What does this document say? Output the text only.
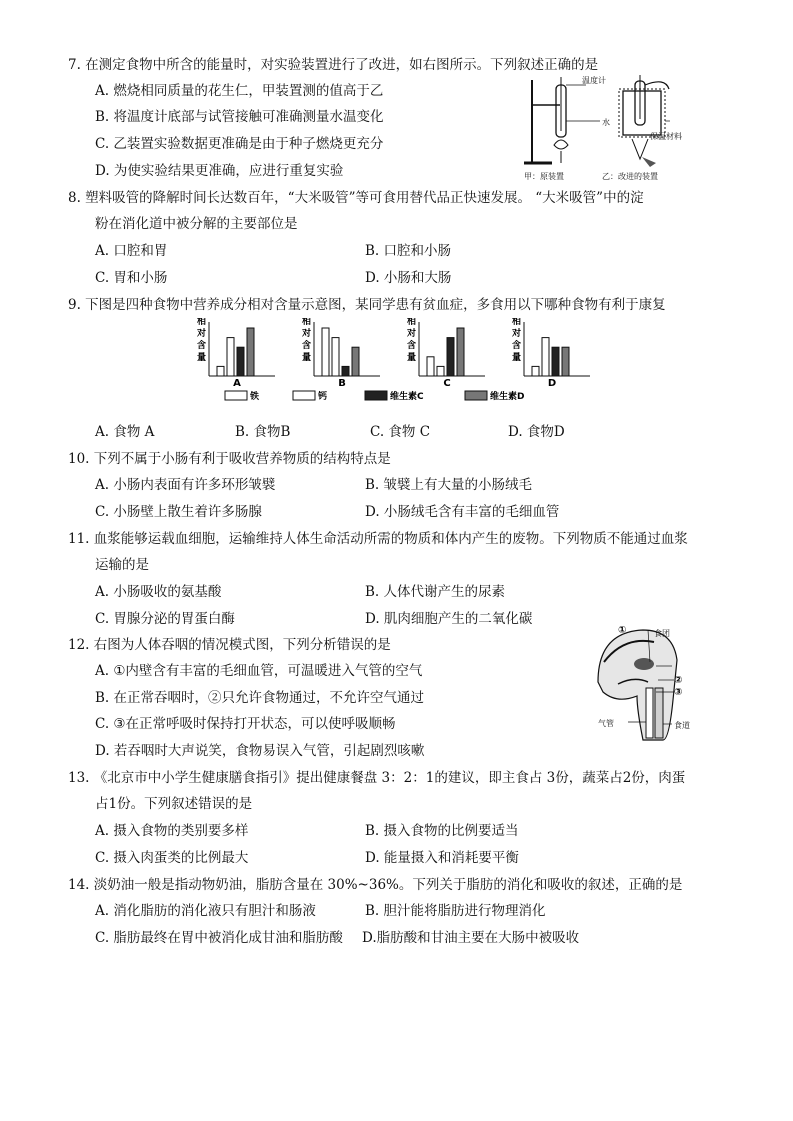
7. 在测定食物中所含的能量时，对实验装置进行了改进，如右图所示。下列叙述正确的是
A. 燃烧相同质量的花生仁，甲装置测的值高于乙
B. 将温度计底部与试管接触可准确测量水温变化
C. 乙装置实验数据更准确是由于种子燃烧更充分
D. 为使实验结果更准确，应进行重复实验
温度计
水
保温材料
甲：原装置	乙：改进的装置
8. 塑料吸管的降解时间长达数百年，“大米吸管”等可食用替代品正快速发展。 “大米吸管”中的淀
粉在消化道中被分解的主要部位是
A. 口腔和胃	B. 口腔和小肠
C. 胃和小肠	D. 小肠和大肠
9. 下图是四种食物中营养成分相对含量示意图，某同学患有贫血症，多食用以下哪种食物有利于康复
相
对
含
量
A
相
对
含
量
B
相
对
含
量
C
相
对
含
量
D
铁	钙	维生素C	维生素D
A. 食物 A	B. 食物B	C. 食物 C	D. 食物D
10. 下列不属于小肠有利于吸收营养物质的结构特点是
A. 小肠内表面有许多环形皱襞	B. 皱襞上有大量的小肠绒毛
C. 小肠壁上散生着许多肠腺	D. 小肠绒毛含有丰富的毛细血管
11. 血浆能够运载血细胞，运输维持人体生命活动所需的物质和体内产生的废物。下列物质不能通过血浆
运输的是
A. 小肠吸收的氨基酸	B. 人体代谢产生的尿素
C. 胃腺分泌的胃蛋白酶	D. 肌肉细胞产生的二氧化碳
12. 右图为人体吞咽的情况模式图，下列分析错误的是
A. ①内壁含有丰富的毛细血管，可温暖进入气管的空气
B. 在正常吞咽时，②只允许食物通过，不允许空气通过
C. ③在正常呼吸时保持打开状态，可以使呼吸顺畅
D. 若吞咽时大声说笑，食物易误入气管，引起剧烈咳嗽
①	食团
②
③
气管	食道
13. 《北京市中小学生健康膳食指引》提出健康餐盘 3：2：1的建议，即主食占 3份，蔬菜占2份，肉蛋
占1份。下列叙述错误的是
A. 摄入食物的类别要多样	B. 摄入食物的比例要适当
C. 摄入肉蛋类的比例最大	D. 能量摄入和消耗要平衡
14. 淡奶油一般是指动物奶油，脂肪含量在 30%~36%。下列关于脂肪的消化和吸收的叙述，正确的是
A. 消化脂肪的消化液只有胆汁和肠液	B. 胆汁能将脂肪进行物理消化
C. 脂肪最终在胃中被消化成甘油和脂肪酸 D.脂肪酸和甘油主要在大肠中被吸收
